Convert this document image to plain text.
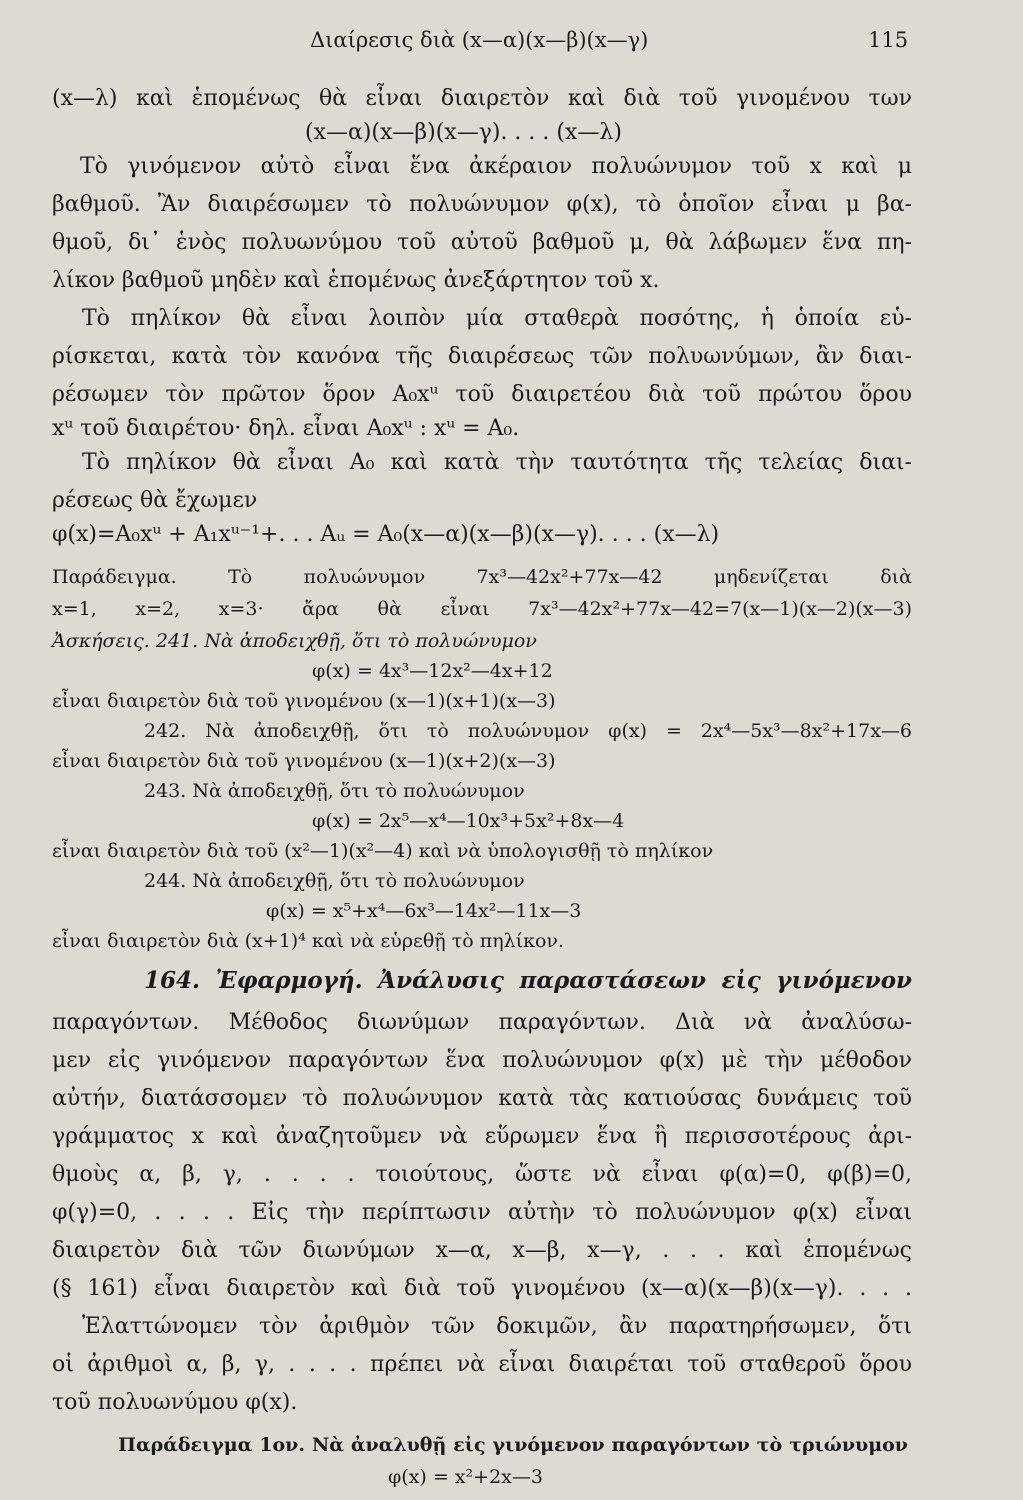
Διαίρεσις διὰ (x—α)(x—β)(x—γ)	115
(x—λ) καὶ ἑπομένως θὰ εἶναι διαιρετὸν καὶ διὰ τοῦ γινομένου των
(x—α)(x—β)(x—γ). . . . (x—λ)
Τὸ γινόμενον αὐτὸ εἶναι ἕνα ἀκέραιον πολυώνυμον τοῦ x καὶ μ
βαθμοῦ. Ἂν διαιρέσωμεν τὸ πολυώνυμον φ(x), τὸ ὁποῖον εἶναι μ βα-
θμοῦ, δι᾽ ἑνὸς πολυωνύμου τοῦ αὐτοῦ βαθμοῦ μ, θὰ λάβωμεν ἕνα πη-
λίκον βαθμοῦ μηδὲν καὶ ἑπομένως ἀνεξάρτητον τοῦ x.
Τὸ πηλίκον θὰ εἶναι λοιπὸν μία σταθερὰ ποσότης, ἡ ὁποία εὑ-
ρίσκεται, κατὰ τὸν κανόνα τῆς διαιρέσεως τῶν πολυωνύμων, ἂν διαι-
ρέσωμεν τὸν πρῶτον ὅρον A₀xᵘ τοῦ διαιρετέου διὰ τοῦ πρώτου ὅρου
xᵘ τοῦ διαιρέτου· δηλ. εἶναι A₀xᵘ : xᵘ = A₀.
Τὸ πηλίκον θὰ εἶναι A₀ καὶ κατὰ τὴν ταυτότητα τῆς τελείας διαι-
ρέσεως θὰ ἔχωμεν
φ(x)=A₀xᵘ + A₁xᵘ⁻¹+. . . Aᵤ = A₀(x—α)(x—β)(x—γ). . . . (x—λ)
Παράδειγμα. Τὸ πολυώνυμον 7x³—42x²+77x—42 μηδενίζεται διὰ
x=1, x=2, x=3· ἄρα θὰ εἶναι 7x³—42x²+77x—42=7(x—1)(x—2)(x—3)
Ἀσκήσεις. 241. Νὰ ἀποδειχθῇ, ὅτι τὸ πολυώνυμον
φ(x) = 4x³—12x²—4x+12
εἶναι διαιρετὸν διὰ τοῦ γινομένου (x—1)(x+1)(x—3)
242. Νὰ ἀποδειχθῇ, ὅτι τὸ πολυώνυμον φ(x) = 2x⁴—5x³—8x²+17x—6
εἶναι διαιρετὸν διὰ τοῦ γινομένου (x—1)(x+2)(x—3)
243. Νὰ ἀποδειχθῇ, ὅτι τὸ πολυώνυμον
φ(x) = 2x⁵—x⁴—10x³+5x²+8x—4
εἶναι διαιρετὸν διὰ τοῦ (x²—1)(x²—4) καὶ νὰ ὑπολογισθῇ τὸ πηλίκον
244. Νὰ ἀποδειχθῇ, ὅτι τὸ πολυώνυμον
φ(x) = x⁵+x⁴—6x³—14x²—11x—3
εἶναι διαιρετὸν διὰ (x+1)⁴ καὶ νὰ εὑρεθῇ τὸ πηλίκον.
164. Ἐφαρμογή. Ἀνάλυσις παραστάσεων εἰς γινόμενον
παραγόντων. Μέθοδος διωνύμων παραγόντων. Διὰ νὰ ἀναλύσω-
μεν εἰς γινόμενον παραγόντων ἕνα πολυώνυμον φ(x) μὲ τὴν μέθοδον
αὐτήν, διατάσσομεν τὸ πολυώνυμον κατὰ τὰς κατιούσας δυνάμεις τοῦ
γράμματος x καὶ ἀναζητοῦμεν νὰ εὕρωμεν ἕνα ἢ περισσοτέρους ἀρι-
θμοὺς α, β, γ, . . . . τοιούτους, ὥστε νὰ εἶναι φ(α)=0, φ(β)=0,
φ(γ)=0, . . . . Εἰς τὴν περίπτωσιν αὐτὴν τὸ πολυώνυμον φ(x) εἶναι
διαιρετὸν διὰ τῶν διωνύμων x—α, x—β, x—γ, . . . καὶ ἑπομένως
(§ 161) εἶναι διαιρετὸν καὶ διὰ τοῦ γινομένου (x—α)(x—β)(x—γ). . . .
Ἐλαττώνομεν τὸν ἀριθμὸν τῶν δοκιμῶν, ἂν παρατηρήσωμεν, ὅτι
οἱ ἀριθμοὶ α, β, γ, . . . . πρέπει νὰ εἶναι διαιρέται τοῦ σταθεροῦ ὅρου
τοῦ πολυωνύμου φ(x).
Παράδειγμα 1ον. Νὰ ἀναλυθῇ εἰς γινόμενον παραγόντων τὸ τριώνυμον
φ(x) = x²+2x—3
